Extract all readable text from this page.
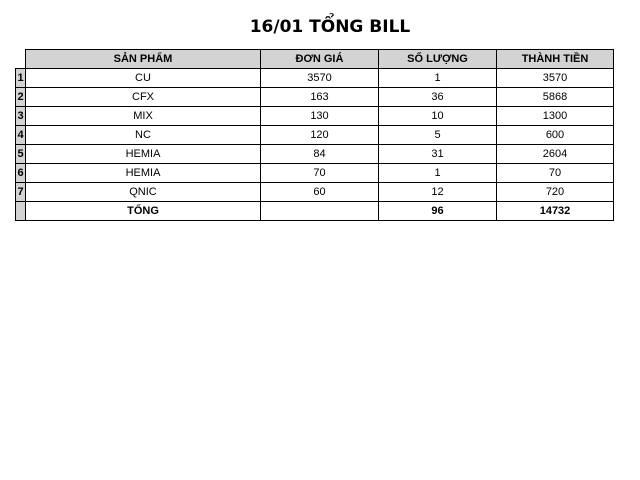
16/01 TỔNG BILL
	SẢN PHẨM	ĐƠN GIÁ	SỐ LƯỢNG	THÀNH TIỀN
1	CU	3570	1	3570
2	CFX	163	36	5868
3	MIX	130	10	1300
4	NC	120	5	600
5	HEMIA	84	31	2604
6	HEMIA	70	1	70
7	QNIC	60	12	720
	TỔNG		96	14732
